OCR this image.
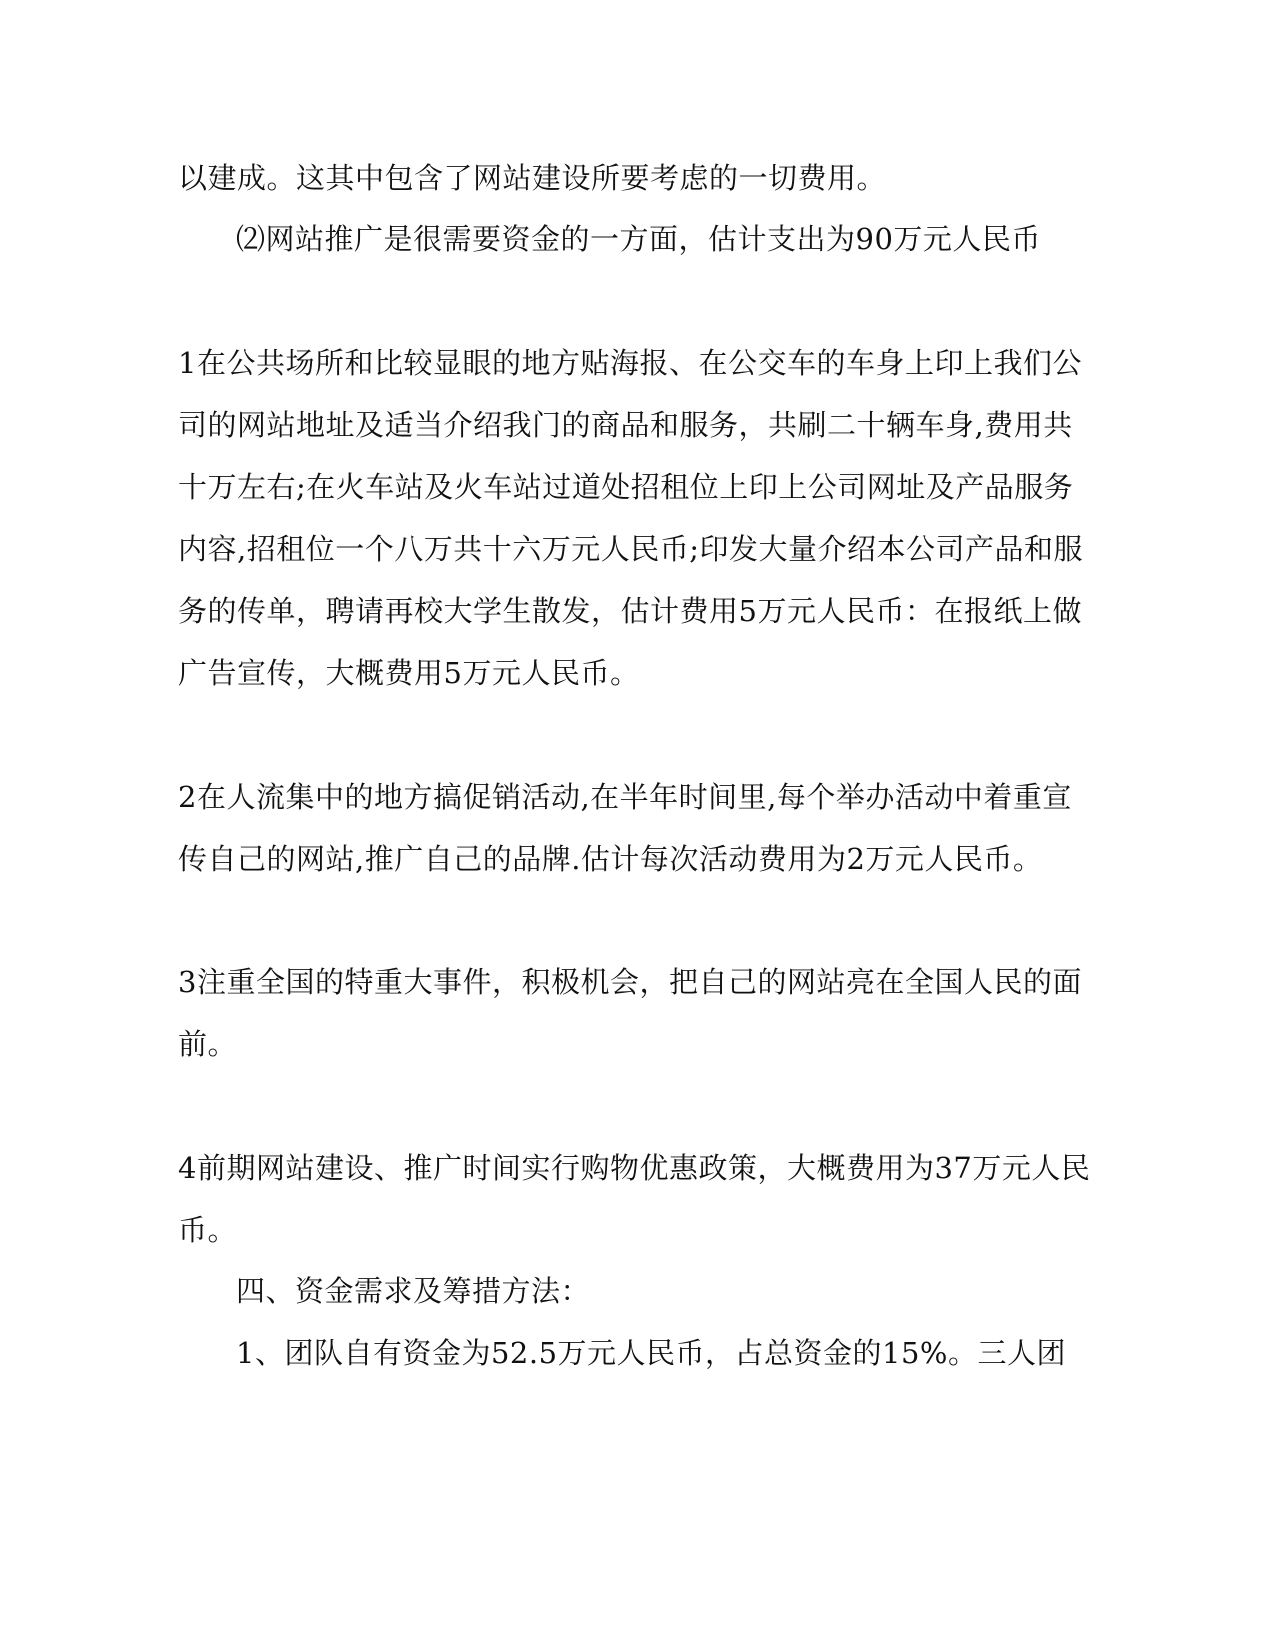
以建成。这其中包含了网站建设所要考虑的一切费用。
⑵网站推广是很需要资金的一方面，估计支出为90万元人民币
1在公共场所和比较显眼的地方贴海报、在公交车的车身上印上我们公
司的网站地址及适当介绍我门的商品和服务，共刷二十辆车身,费用共
十万左右;在火车站及火车站过道处招租位上印上公司网址及产品服务
内容,招租位一个八万共十六万元人民币;印发大量介绍本公司产品和服
务的传单，聘请再校大学生散发，估计费用5万元人民币：在报纸上做
广告宣传，大概费用5万元人民币。
2在人流集中的地方搞促销活动,在半年时间里,每个举办活动中着重宣
传自己的网站,推广自己的品牌.估计每次活动费用为2万元人民币。
3注重全国的特重大事件，积极机会，把自己的网站亮在全国人民的面
前。
4前期网站建设、推广时间实行购物优惠政策，大概费用为37万元人民
币。
四、资金需求及筹措方法：
1、团队自有资金为52.5万元人民币，占总资金的15%。三人团
